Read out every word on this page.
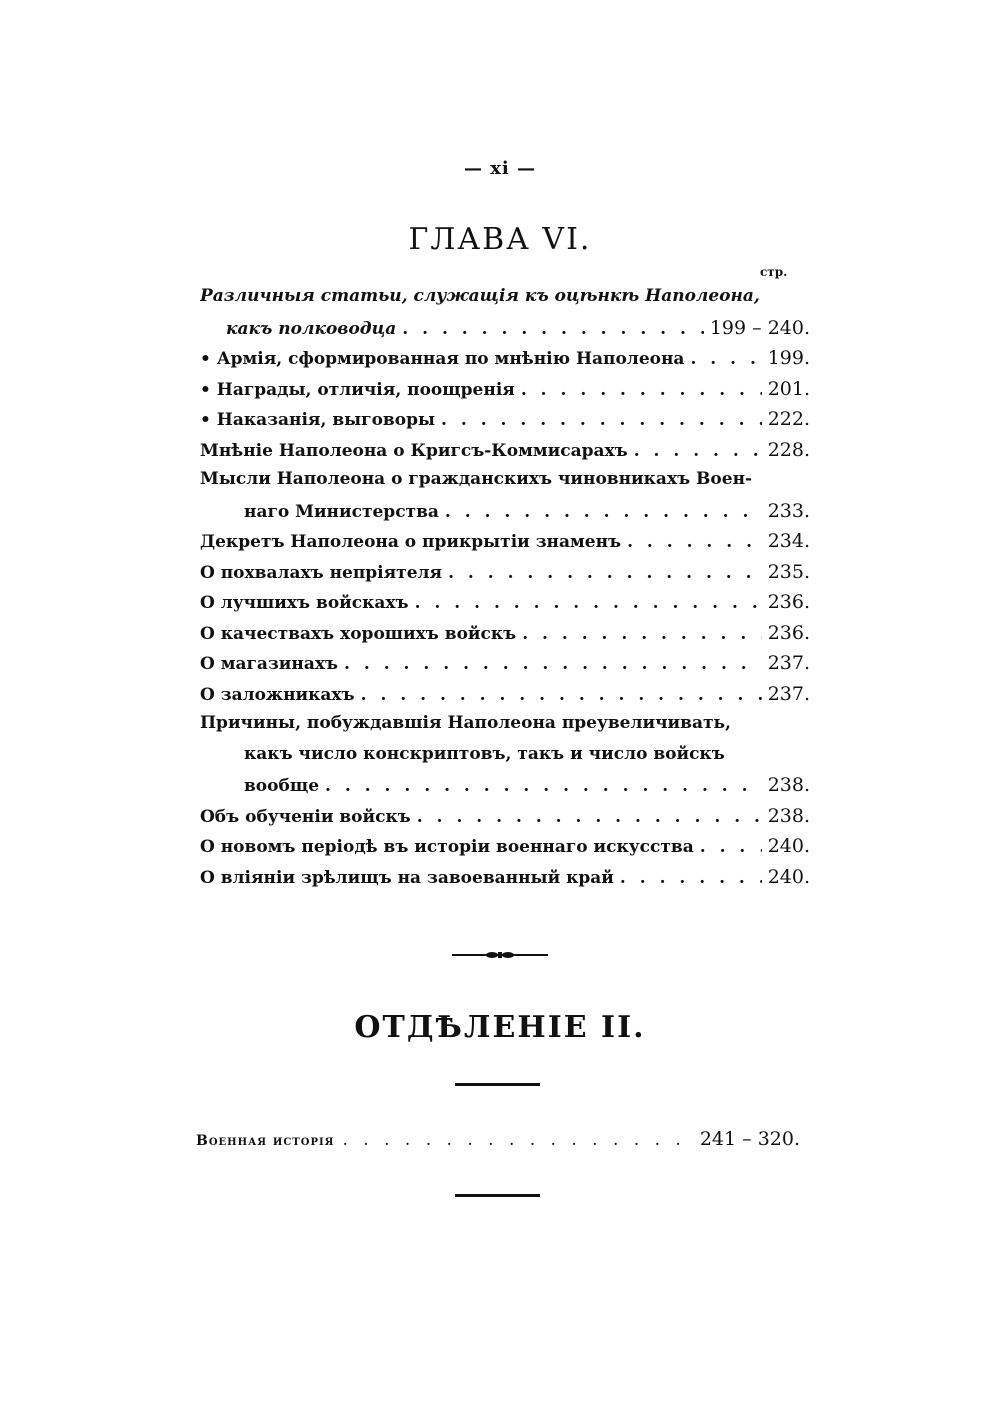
— xi —
ГЛАВА VI.
стр.
Различныя статьи, служащія къ оцѣнкѣ Наполеона,
какъ полководца . . .	199 – 240.
• Армія, сформированная по мнѣнію Наполеона . . .	199.
• Награды, отличія, поощренія . . .	201.
• Наказанія, выговоры . . .	222.
Мнѣніе Наполеона о Кригсъ-Коммисарахъ . . .	228.
Мысли Наполеона о гражданскихъ чиновникахъ Воен-
наго Министерства . . .	233.
Декретъ Наполеона о прикрытіи знаменъ . . .	234.
О похвалахъ непріятеля . . .	235.
О лучшихъ войскахъ . . .	236.
О качествахъ хорошихъ войскъ . . .	236.
О магазинахъ . . .	237.
О заложникахъ . . .	237.
Причины, побуждавшія Наполеона преувеличивать,
какъ число конскриптовъ, такъ и число войскъ
вообще . . .	238.
Объ обученіи войскъ . . .	238.
О новомъ періодѣ въ исторіи военнаго искусства . . .	240.
О вліяніи зрѣлищъ на завоеванный край . . .	240.
ОТДѢЛЕНІЕ II.
Военная исторія . . .	241 – 320.
